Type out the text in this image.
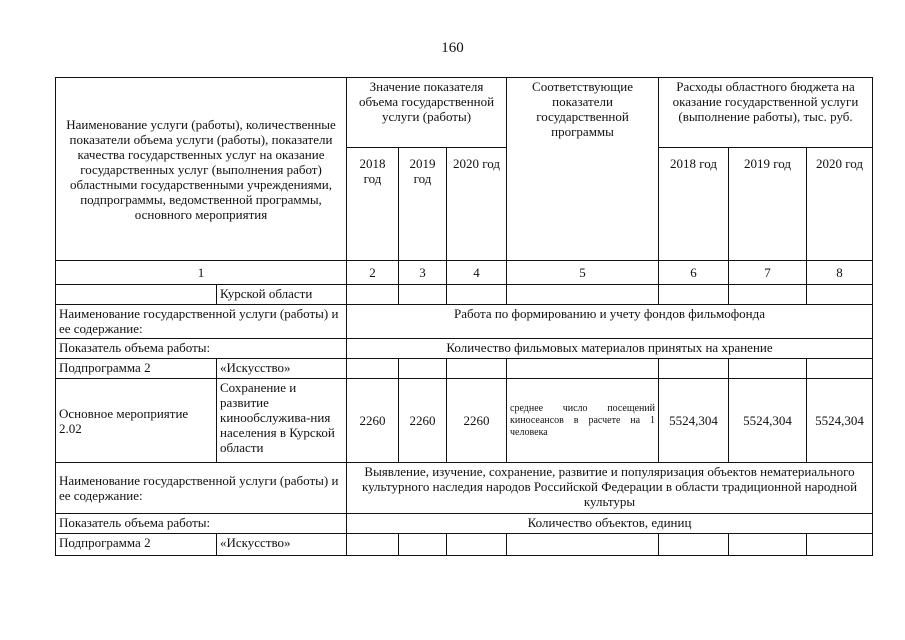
160
Наименование услуги (работы), количественные показатели объема услуги (работы), показатели качества государственных услуг на оказание государственных услуг (выполнения работ) областными государственными учреждениями, подпрограммы, ведомственной программы, основного мероприятия		Значение показателя объема государственной услуги (работы)			Соответствующие показатели государственной программы	Расходы областного бюджета на оказание государственной услуги (выполнение работы), тыс. руб.		
		2018 год	2019 год	2020 год		2018 год	2019 год	2020 год
1		2	3	4	5	6	7	8
	Курской области							
Наименование государственной услуги (работы) и ее содержание:		Работа по формированию и учету фондов фильмофонда						
Показатель объема работы:		Количество фильмовых материалов принятых на хранение						
Подпрограмма 2	«Искусство»							
Основное мероприятие 2.02	Сохранение и развитие кинообслужива-ния населения в Курской области	2260	2260	2260	среднее число посещений киносеансов в расчете на 1 человека	5524,304	5524,304	5524,304
Наименование государственной услуги (работы) и ее содержание:		Выявление, изучение, сохранение, развитие и популяризация объектов нематериального культурного наследия народов Российской Федерации в области традиционной народной культуры						
Показатель объема работы:		Количество объектов, единиц						
Подпрограмма 2	«Искусство»							
